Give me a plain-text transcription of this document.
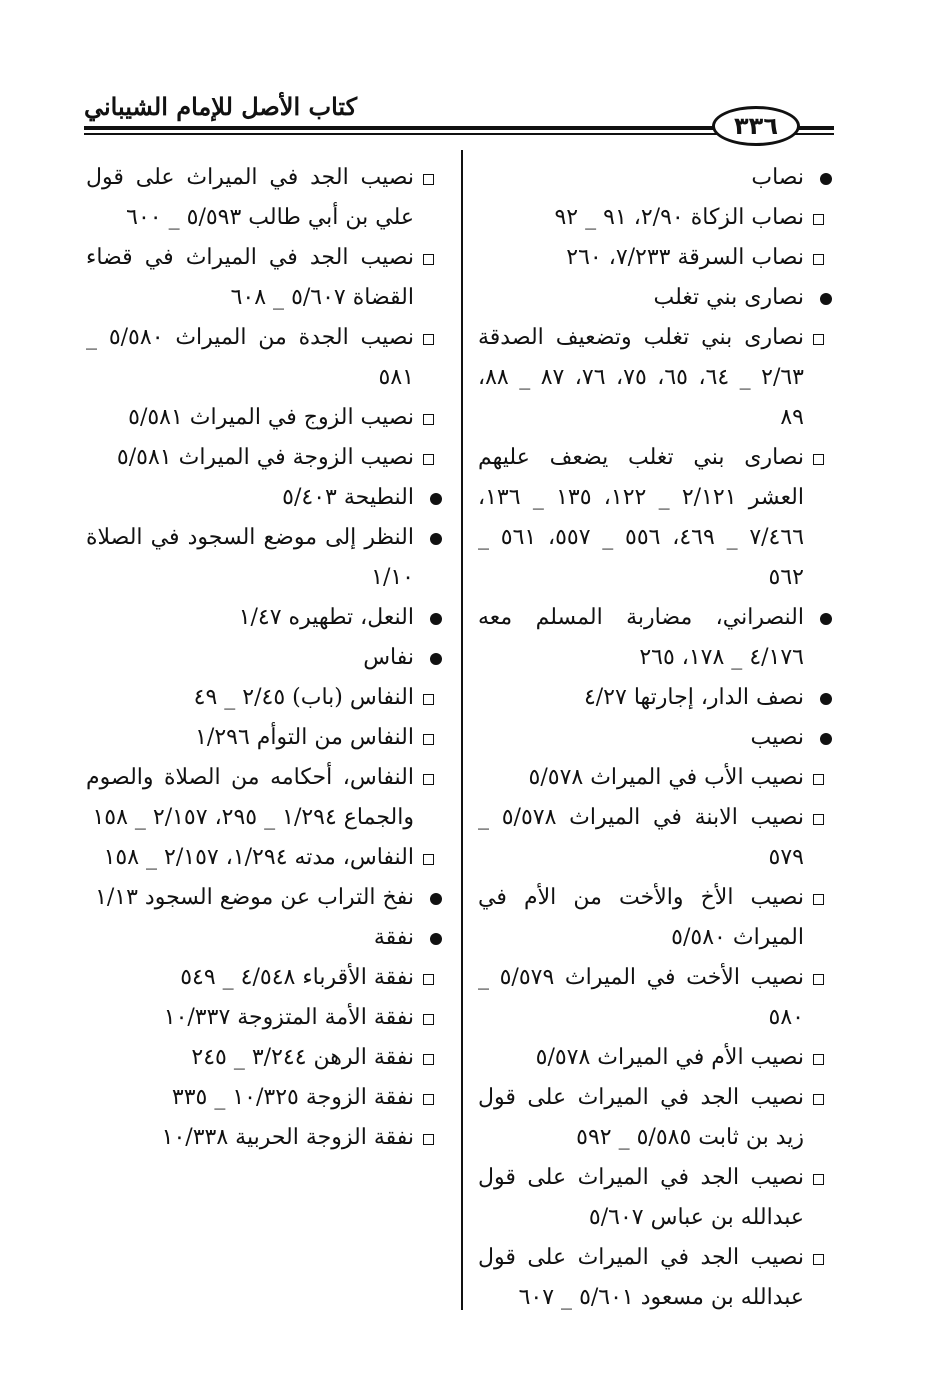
كتاب الأصل للإمام الشيباني
٣٣٦
نصاب
نصاب الزكاة ٢/٩٠، ٩١ _ ٩٢
نصاب السرقة ٧/٢٣٣، ٢٦٠
نصارى بني تغلب
نصارى بني تغلب وتضعيف الصدقة ٢/٦٣ _ ٦٤، ٦٥، ٧٥، ٧٦، ٨٧ _ ٨٨، ٨٩
نصارى بني تغلب يضعف عليهم العشر ٢/١٢١ _ ١٢٢، ١٣٥ _ ١٣٦، ٧/٤٦٦ _ ٤٦٩، ٥٥٦ _ ٥٥٧، ٥٦١ _ ٥٦٢
النصراني، مضاربة المسلم معه ٤/١٧٦ _ ١٧٨، ٢٦٥
نصف الدار، إجارتها ٤/٢٧
نصيب
نصيب الأب في الميراث ٥/٥٧٨
نصيب الابنة في الميراث ٥/٥٧٨ _ ٥٧٩
نصيب الأخ والأخت من الأم في الميراث ٥/٥٨٠
نصيب الأخت في الميراث ٥/٥٧٩ _ ٥٨٠
نصيب الأم في الميراث ٥/٥٧٨
نصيب الجد في الميراث على قول زيد بن ثابت ٥/٥٨٥ _ ٥٩٢
نصيب الجد في الميراث على قول عبدالله بن عباس ٥/٦٠٧
نصيب الجد في الميراث على قول عبدالله بن مسعود ٥/٦٠١ _ ٦٠٧
نصيب الجد في الميراث على قول علي بن أبي طالب ٥/٥٩٣ _ ٦٠٠
نصيب الجد في الميراث في قضاء القضاة ٥/٦٠٧ _ ٦٠٨
نصيب الجدة من الميراث ٥/٥٨٠ _ ٥٨١
نصيب الزوج في الميراث ٥/٥٨١
نصيب الزوجة في الميراث ٥/٥٨١
النطيحة ٥/٤٠٣
النظر إلى موضع السجود في الصلاة ١/١٠
النعل، تطهيره ١/٤٧
نفاس
النفاس (باب) ٢/٤٥ _ ٤٩
النفاس من التوأم ١/٢٩٦
النفاس، أحكامه من الصلاة والصوم والجماع ١/٢٩٤ _ ٢٩٥، ٢/١٥٧ _ ١٥٨
النفاس، مدته ١/٢٩٤، ٢/١٥٧ _ ١٥٨
نفخ التراب عن موضع السجود ١/١٣
نفقة
نفقة الأقرباء ٤/٥٤٨ _ ٥٤٩
نفقة الأمة المتزوجة ١٠/٣٣٧
نفقة الرهن ٣/٢٤٤ _ ٢٤٥
نفقة الزوجة ١٠/٣٢٥ _ ٣٣٥
نفقة الزوجة الحربية ١٠/٣٣٨
